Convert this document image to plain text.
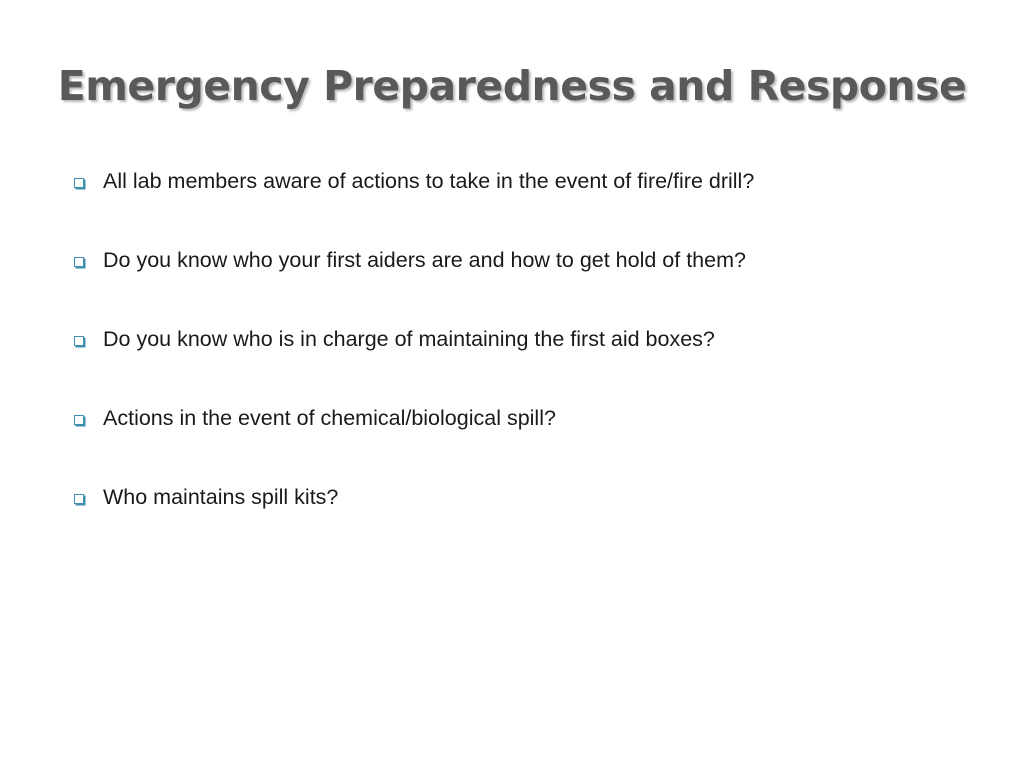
Emergency Preparedness and Response
All lab members aware of actions to take in the event of fire/fire drill?
Do you know who your first aiders are and how to get hold of them?
Do you know who is in charge of maintaining the first aid boxes?
Actions in the event of chemical/biological spill?
Who maintains spill kits?
